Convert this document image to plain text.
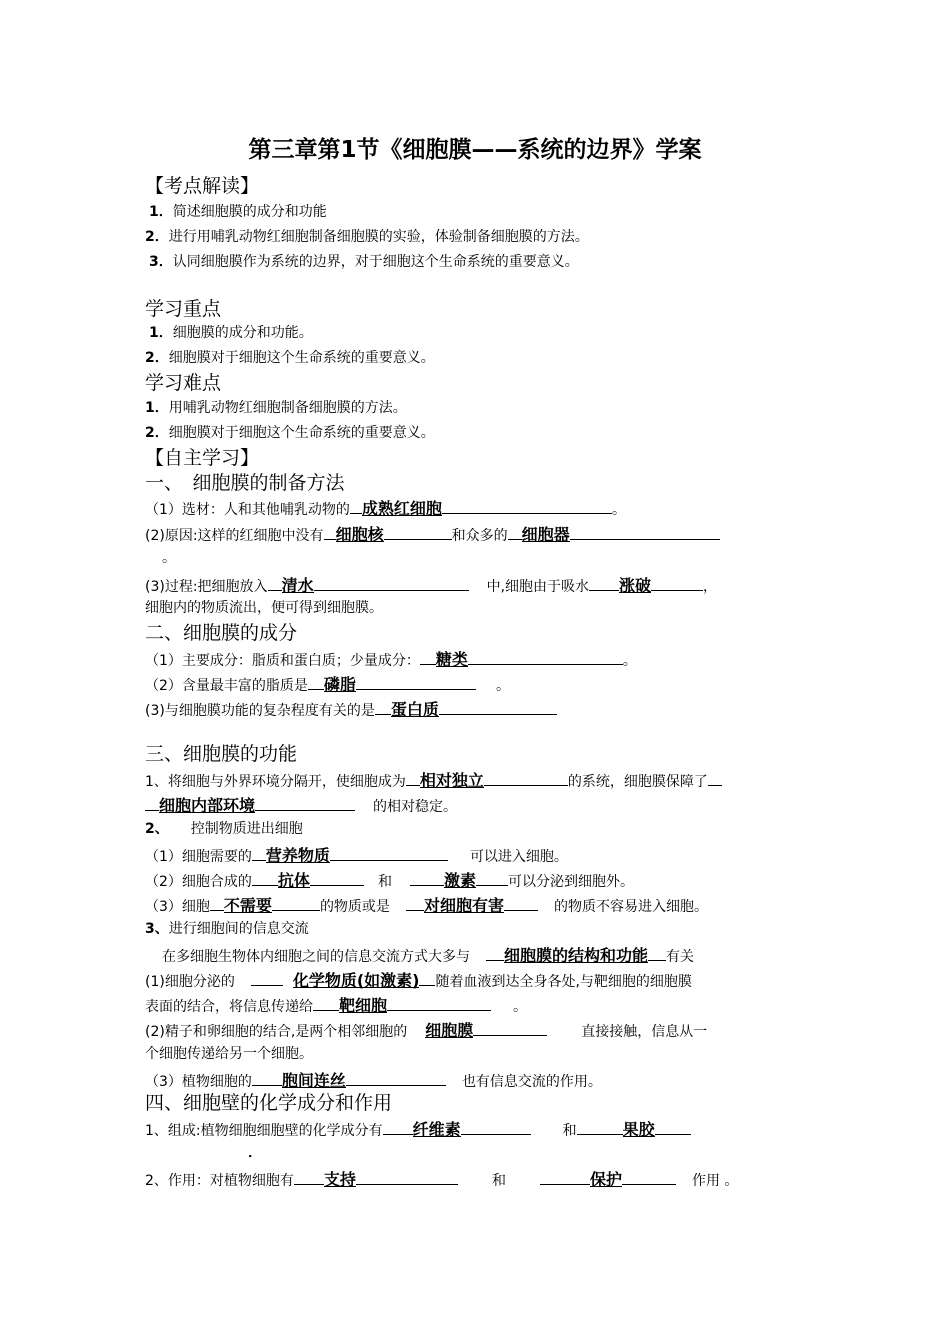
第三章第1节《细胞膜——系统的边界》学案
【考点解读】
1．简述细胞膜的成分和功能
2．进行用哺乳动物红细胞制备细胞膜的实验，体验制备细胞膜的方法。
3．认同细胞膜作为系统的边界，对于细胞这个生命系统的重要意义。
学习重点
1．细胞膜的成分和功能。
2．细胞膜对于细胞这个生命系统的重要意义。
学习难点
1．用哺乳动物红细胞制备细胞膜的方法。
2．细胞膜对于细胞这个生命系统的重要意义。
【自主学习】
一、　细胞膜的制备方法
（1）选材：人和其他哺乳动物的 成熟红细胞	。
(2)原因:这样的红细胞中没有 细胞核	和众多的 细胞器
。
(3)过程:把细胞放入 清水	中,细胞由于吸水 涨破	，
细胞内的物质流出，便可得到细胞膜。
二、细胞膜的成分
（1）主要成分：脂质和蛋白质；少量成分： 糖类	。
（2）含量最丰富的脂质是 磷脂	。
(3)与细胞膜功能的复杂程度有关的是 蛋白质
三、细胞膜的功能
1、将细胞与外界环境分隔开，使细胞成为 相对独立	的系统，细胞膜保障了
细胞内部环境	的相对稳定。
2、 控制物质进出细胞
（1）细胞需要的 营养物质	可以进入细胞。
（2）细胞合成的 抗体	和	激素 可以分泌到细胞外。
（3）细胞 不需要	的物质或是 对细胞有害	的物质不容易进入细胞。
3、进行细胞间的信息交流
在多细胞生物体内细胞之间的信息交流方式大多与 细胞膜的结构和功能 有关
(1)细胞分泌的	化学物质(如激素) 随着血液到达全身各处,与靶细胞的细胞膜
表面的结合，将信息传递给 靶细胞	。
(2)精子和卵细胞的结合,是两个相邻细胞的 细胞膜	直接接触，信息从一
个细胞传递给另一个细胞。
（3）植物细胞的 胞间连丝	也有信息交流的作用。
四、细胞壁的化学成分和作用
1、组成:植物细胞细胞壁的化学成分有 纤维素	和	果胶
．
2、作用：对植物细胞有 支持	和	保护	作用 。
